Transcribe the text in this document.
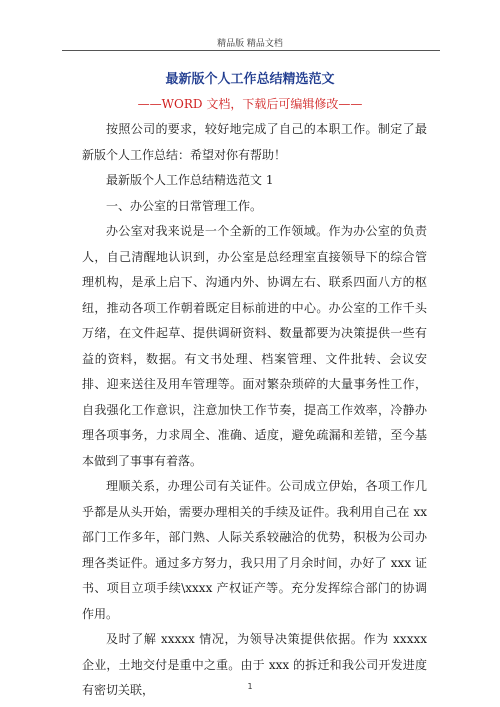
精品版 精品文档
最新版个人工作总结精选范文
——WORD 文档，下载后可编辑修改——

按照公司的要求，较好地完成了自己的本职工作。制定了最新版个人工作总结：希望对你有帮助！

最新版个人工作总结精选范文 1

一、办公室的日常管理工作。

办公室对我来说是一个全新的工作领域。作为办公室的负责人，自己清醒地认识到，办公室是总经理室直接领导下的综合管理机构，是承上启下、沟通内外、协调左右、联系四面八方的枢纽，推动各项工作朝着既定目标前进的中心。办公室的工作千头万绪，在文件起草、提供调研资料、数量都要为决策提供一些有益的资料，数据。有文书处理、档案管理、文件批转、会议安排、迎来送往及用车管理等。面对繁杂琐碎的大量事务性工作，自我强化工作意识，注意加快工作节奏，提高工作效率，冷静办理各项事务，力求周全、准确、适度，避免疏漏和差错，至今基本做到了事事有着落。

理顺关系，办理公司有关证件。公司成立伊始，各项工作几乎都是从头开始，需要办理相关的手续及证件。我利用自己在 xx 部门工作多年，部门熟、人际关系较融洽的优势，积极为公司办理各类证件。通过多方努力，我只用了月余时间，办好了 xxx 证书、项目立项手续\xxxx 产权证产等。充分发挥综合部门的协调作用。

及时了解 xxxxx 情况，为领导决策提供依据。作为 xxxxx 企业，土地交付是重中之重。由于 xxx 的拆迁和我公司开发进度有密切关联，	1
